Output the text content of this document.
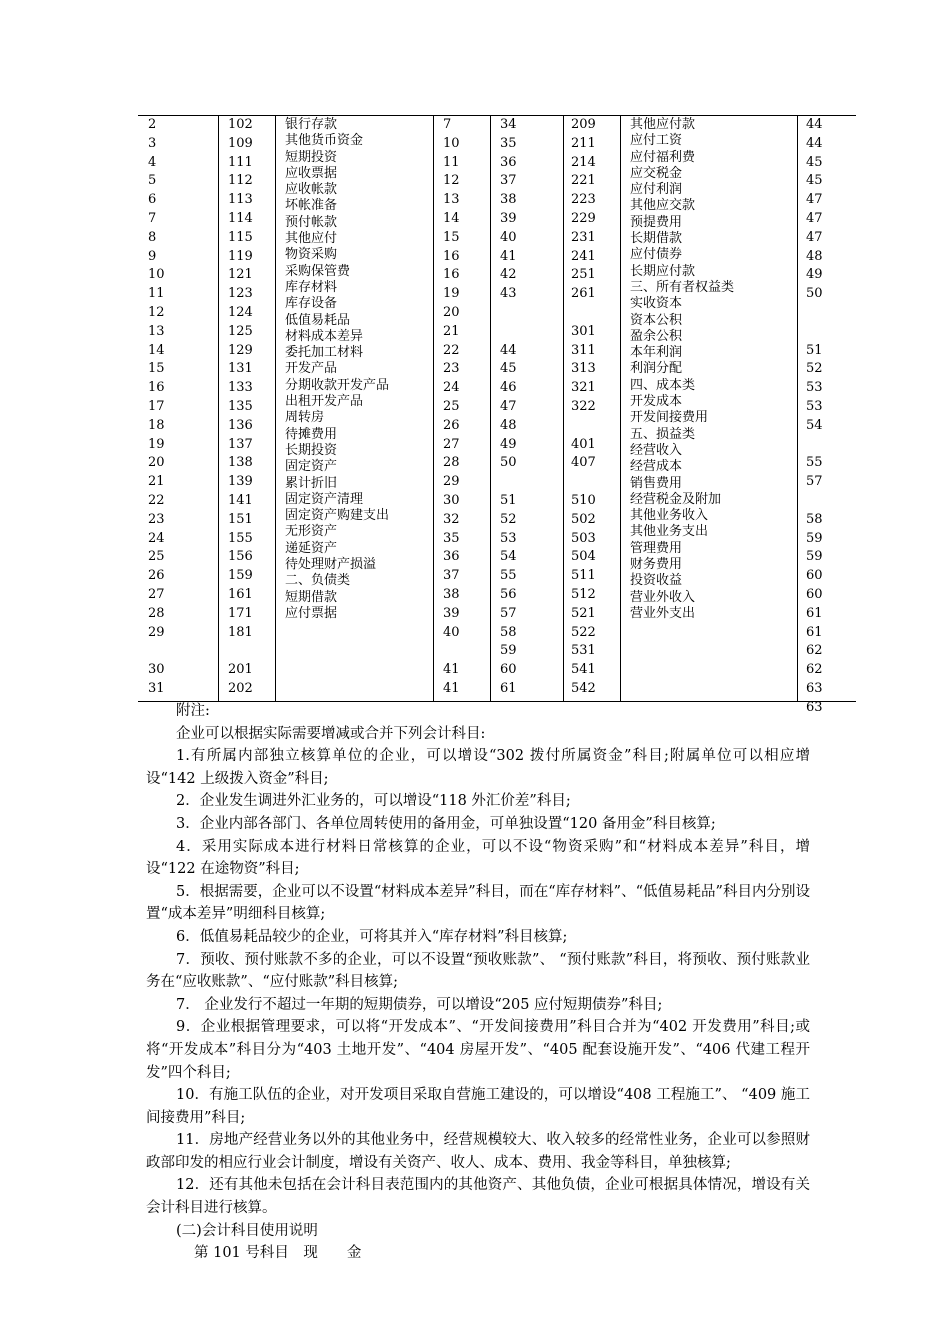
2
3
4
5
6
7
8
9
10
11
12
13
14
15
16
17
18
19
20
21
22
23
24
25
26
27
28
29
30
31
102
109
111
112
113
114
115
119
121
123
124
125
129
131
133
135
136
137
138
139
141
151
155
156
159
161
171
181
201
202
银行存款
其他货币资金
短期投资
应收票据
应收帐款
坏帐准备
预付帐款
其他应付
物资采购
采购保管费
库存材料
库存设备
低值易耗品
材料成本差异
委托加工材料
开发产品
分期收款开发产品
出租开发产品
周转房
待摊费用
长期投资
固定资产
累计折旧
固定资产清理
固定资产购建支出
无形资产
递延资产
待处理财产损溢
二、负债类
短期借款
应付票据
7
10
11
12
13
14
15
16
16
19
20
21
22
23
24
25
26
27
28
29
30
32
35
36
37
38
39
40
41
41
34
35
36
37
38
39
40
41
42
43
44
45
46
47
48
49
50
51
52
53
54
55
56
57
58
59
60
61
209
211
214
221
223
229
231
241
251
261
301
311
313
321
322
401
407
510
502
503
504
511
512
521
522
531
541
542
其他应付款
应付工资
应付福利费
应交税金
应付利润
其他应交款
预提费用
长期借款
应付债券
长期应付款
三、所有者权益类
实收资本
资本公积
盈余公积
本年利润
利润分配
四、成本类
开发成本
开发间接费用
五、损益类
经营收入
经营成本
销售费用
经营税金及附加
其他业务收入
其他业务支出
管理费用
财务费用
投资收益
营业外收入
营业外支出
44
44
45
45
47
47
47
48
49
50
51
52
53
53
54
55
57
58
59
59
60
60
61
61
62
62
63
63

附注:

企业可以根据实际需要增减或合并下列会计科目:

1.有所属内部独立核算单位的企业，可以增设“302 拨付所属资金”科目;附属单位可以相应增设“142 上级拨入资金”科目;

2．企业发生调进外汇业务的，可以增设“118 外汇价差”科目;

3．企业内部各部门、各单位周转使用的备用金，可单独设置“120 备用金”科目核算;

4．采用实际成本进行材料日常核算的企业，可以不设“物资采购”和“材料成本差异”科目，增设“122 在途物资”科目;

5．根据需要，企业可以不设置“材料成本差异”科目，而在“库存材料”、“低值易耗品”科目内分别设置“成本差异”明细科目核算;

6．低值易耗品较少的企业，可将其并入“库存材料”科目核算;

7．预收、预付账款不多的企业，可以不设置“预收账款”、 “预付账款”科目，将预收、预付账款业务在“应收账款”、“应付账款”科目核算;

7． 企业发行不超过一年期的短期债券，可以增设“205 应付短期债券”科目;

9．企业根据管理要求，可以将“开发成本”、“开发间接费用”科目合并为“402 开发费用”科目;或将“开发成本”科目分为“403 土地开发”、“404 房屋开发”、“405 配套设施开发”、“406 代建工程开发”四个科目;

10．有施工队伍的企业，对开发项目采取自营施工建设的，可以增设“408 工程施工”、 “409 施工间接费用”科目;

11．房地产经营业务以外的其他业务中，经营规模较大、收入较多的经常性业务，企业可以参照财政部印发的相应行业会计制度，增设有关资产、收人、成本、费用、我金等科目，单独核算;

12．还有其他未包括在会计科目表范围内的其他资产、其他负债，企业可根据具体情况，增设有关会计科目进行核算。

(二)会计科目使用说明

第 101 号科目　现　　金
